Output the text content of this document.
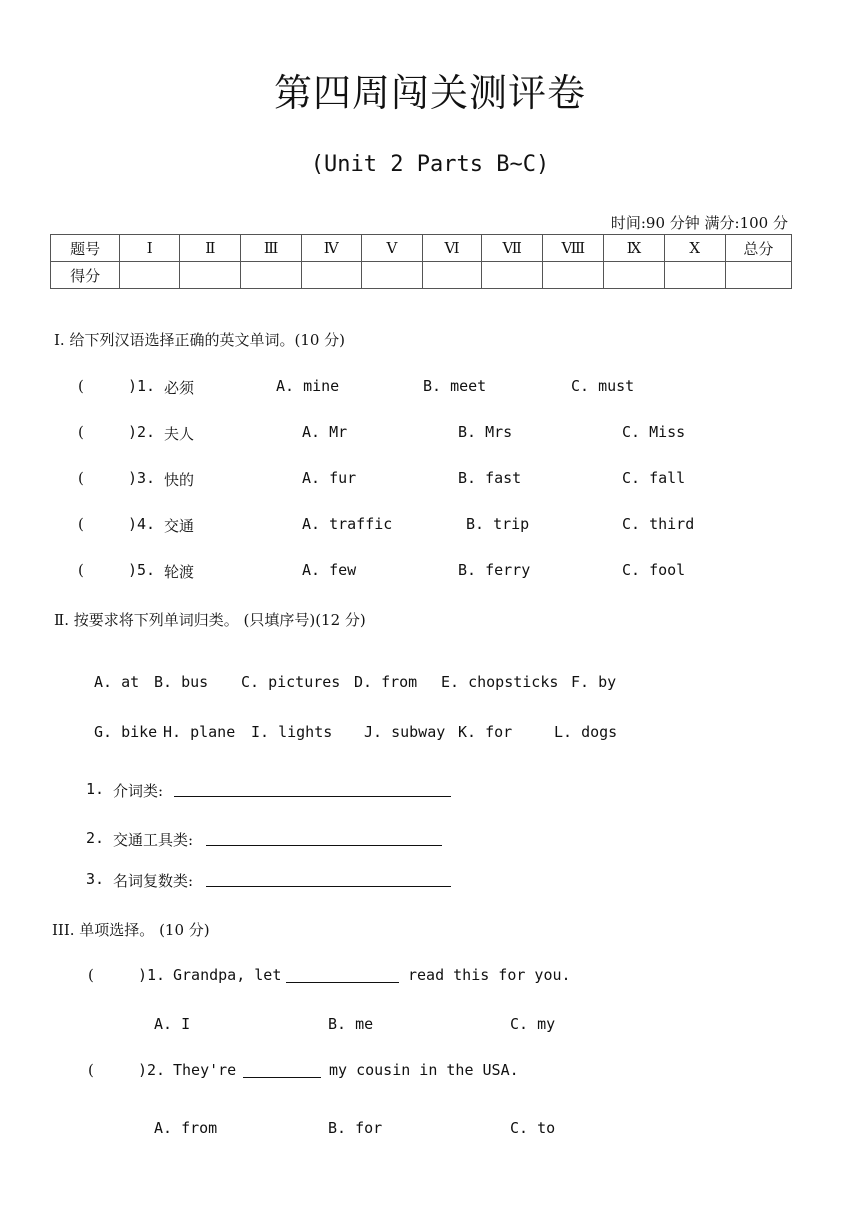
第四周闯关测评卷
(Unit 2 Parts B~C)
时间:90 分钟 满分:100 分
题号	Ⅰ	Ⅱ	Ⅲ	Ⅳ	Ⅴ	Ⅵ	Ⅶ	Ⅷ	Ⅸ	Ⅹ	总分
得分											
Ⅰ. 给下列汉语选择正确的英文单词。(10 分)
(	)1. 必须	A. mine	B. meet	C. must
(	)2. 夫人	A. Mr	B. Mrs	C. Miss
(	)3. 快的	A. fur	B. fast	C. fall
(	)4. 交通	A. traffic	B. trip	C. third
(	)5. 轮渡	A. few	B. ferry	C. fool
Ⅱ. 按要求将下列单词归类。 (只填序号)(12 分)
A. at B. bus C. pictures D. from E. chopsticks F. by
G. bike H. plane I. lights J. subway K. for	L. dogs
1. 介词类:
2. 交通工具类:
3. 名词复数类:
III. 单项选择。 (10 分)
(	)1. Grandpa, let	read this for you.
A. I	B. me	C. my
(	)2. They're	my cousin in the USA.
A. from	B. for	C. to
